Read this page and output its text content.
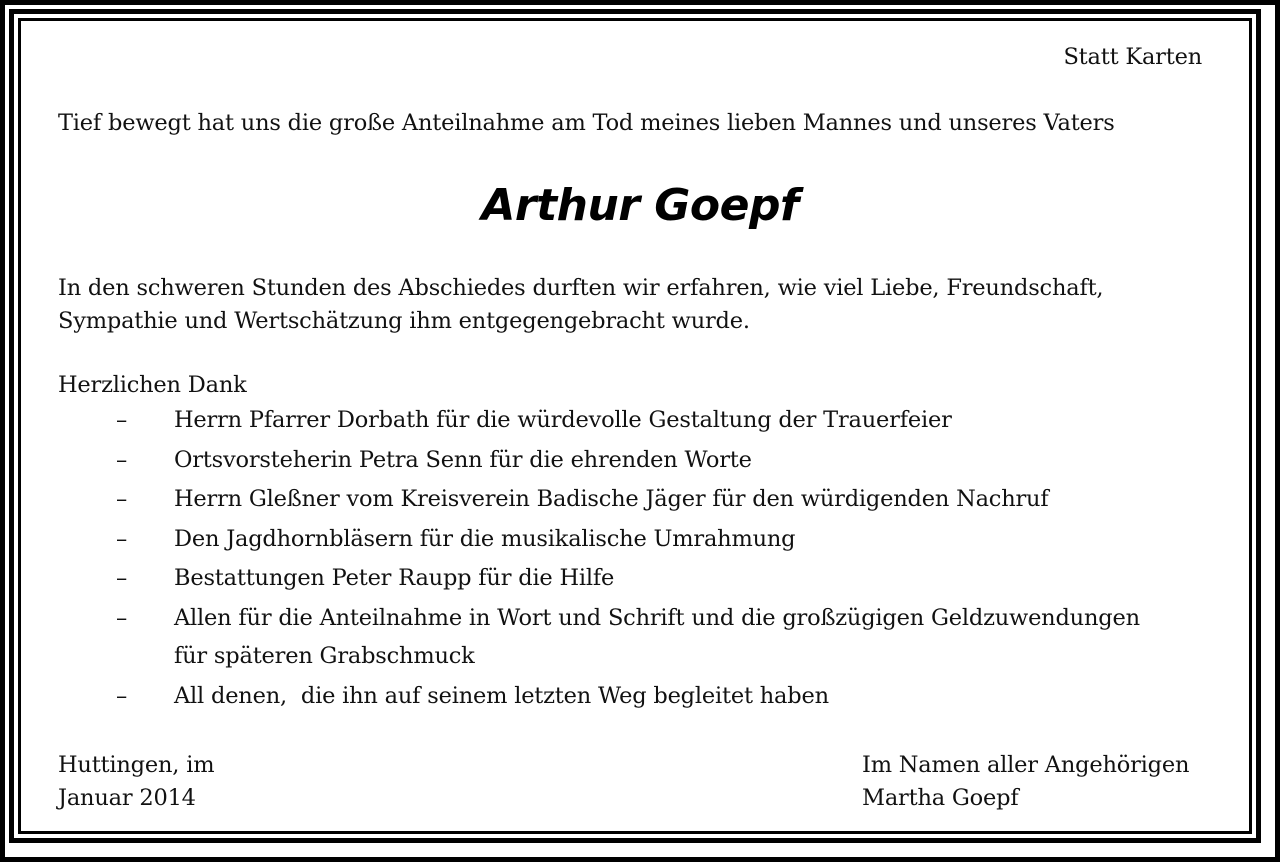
Statt Karten
Tief bewegt hat uns die große Anteilnahme am Tod meines lieben Mannes und unseres Vaters
Arthur Goepf
In den schweren Stunden des Abschiedes durften wir erfahren, wie viel Liebe, Freundschaft,
Sympathie und Wertschätzung ihm entgegengebracht wurde.
Herzlichen Dank
– Herrn Pfarrer Dorbath für die würdevolle Gestaltung der Trauerfeier
– Ortsvorsteherin Petra Senn für die ehrenden Worte
– Herrn Gleßner vom Kreisverein Badische Jäger für den würdigenden Nachruf
– Den Jagdhornbläsern für die musikalische Umrahmung
– Bestattungen Peter Raupp für die Hilfe
– Allen für die Anteilnahme in Wort und Schrift und die großzügigen Geldzuwendungen
für späteren Grabschmuck
– All denen,  die ihn auf seinem letzten Weg begleitet haben
Huttingen, im
Januar 2014
Im Namen aller Angehörigen
Martha Goepf
